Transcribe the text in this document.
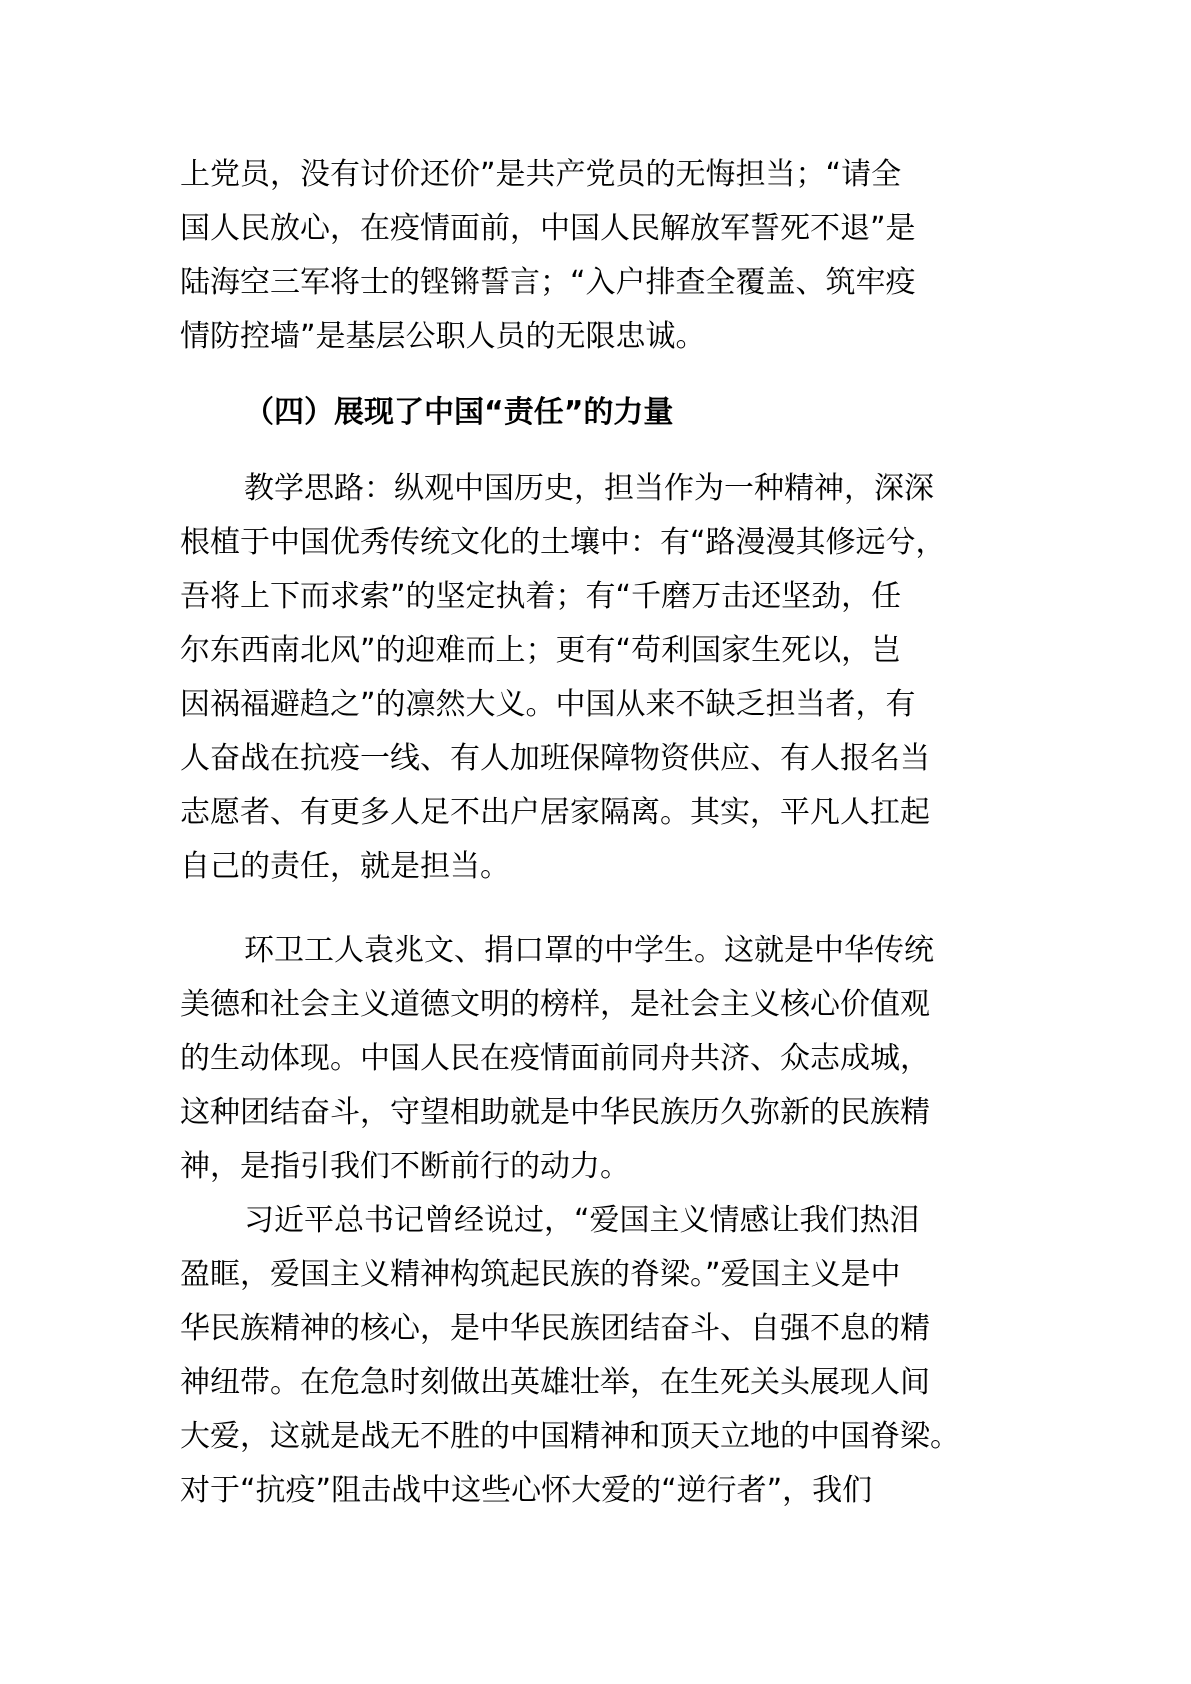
上党员，没有讨价还价”是共产党员的无悔担当；“请全
国人民放心，在疫情面前，中国人民解放军誓死不退”是
陆海空三军将士的铿锵誓言；“入户排查全覆盖、筑牢疫
情防控墙”是基层公职人员的无限忠诚。
（四）展现了中国“责任”的力量
教学思路：纵观中国历史，担当作为一种精神，深深
根植于中国优秀传统文化的土壤中：有“路漫漫其修远兮，
吾将上下而求索”的坚定执着；有“千磨万击还坚劲，任
尔东西南北风”的迎难而上；更有“苟利国家生死以，岂
因祸福避趋之”的凛然大义。中国从来不缺乏担当者，有
人奋战在抗疫一线、有人加班保障物资供应、有人报名当
志愿者、有更多人足不出户居家隔离。其实，平凡人扛起
自己的责任，就是担当。
环卫工人袁兆文、捐口罩的中学生。这就是中华传统
美德和社会主义道德文明的榜样，是社会主义核心价值观
的生动体现。中国人民在疫情面前同舟共济、众志成城，
这种团结奋斗，守望相助就是中华民族历久弥新的民族精
神，是指引我们不断前行的动力。
习近平总书记曾经说过，“爱国主义情感让我们热泪
盈眶，爱国主义精神构筑起民族的脊梁。”爱国主义是中
华民族精神的核心，是中华民族团结奋斗、自强不息的精
神纽带。在危急时刻做出英雄壮举，在生死关头展现人间
大爱，这就是战无不胜的中国精神和顶天立地的中国脊梁。
对于“抗疫”阻击战中这些心怀大爱的“逆行者”，我们
